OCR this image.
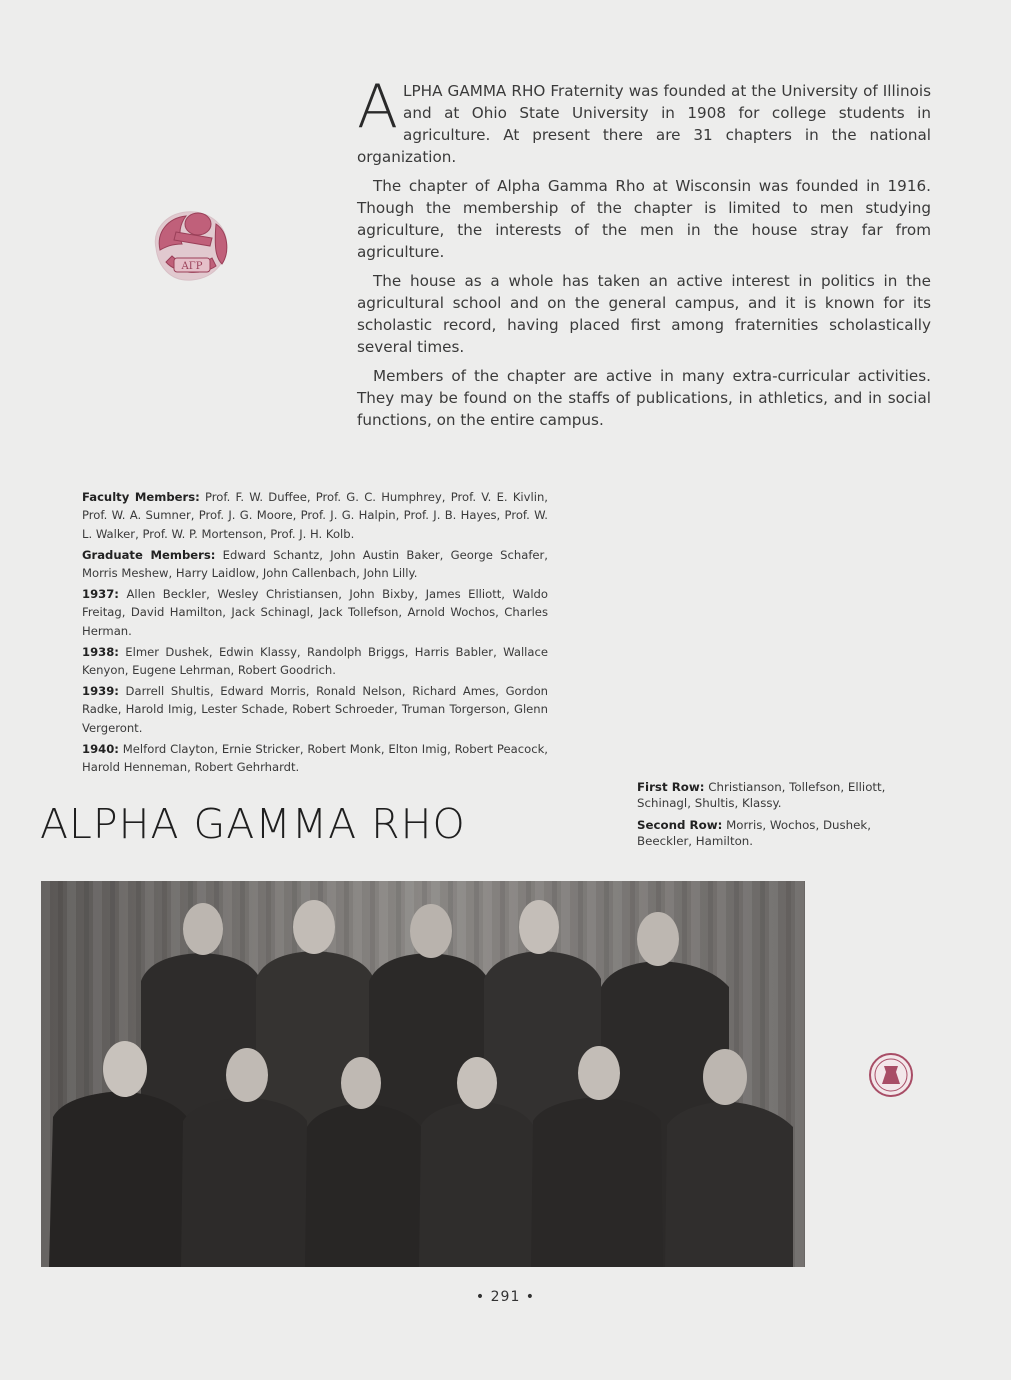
ALPHA GAMMA RHO Fraternity was founded at the University of Illinois and at Ohio State University in 1908 for college students in agriculture. At present there are 31 chapters in the national organization.

The chapter of Alpha Gamma Rho at Wisconsin was founded in 1916. Though the membership of the chapter is limited to men studying agriculture, the interests of the men in the house stray far from agriculture.

The house as a whole has taken an active interest in politics in the agricultural school and on the general campus, and it is known for its scholastic record, having placed first among fraternities scholastically several times.

Members of the chapter are active in many extra-curricular activities. They may be found on the staffs of publications, in athletics, and in social functions, on the entire campus.

ΑΓΡ

Faculty Members: Prof. F. W. Duffee, Prof. G. C. Humphrey, Prof. V. E. Kivlin, Prof. W. A. Sumner, Prof. J. G. Moore, Prof. J. G. Halpin, Prof. J. B. Hayes, Prof. W. L. Walker, Prof. W. P. Mortenson, Prof. J. H. Kolb.

Graduate Members: Edward Schantz, John Austin Baker, George Schafer, Morris Meshew, Harry Laidlow, John Callenbach, John Lilly.

1937: Allen Beckler, Wesley Christiansen, John Bixby, James Elliott, Waldo Freitag, David Hamilton, Jack Schinagl, Jack Tollefson, Arnold Wochos, Charles Herman.

1938: Elmer Dushek, Edwin Klassy, Randolph Briggs, Harris Babler, Wallace Kenyon, Eugene Lehrman, Robert Goodrich.

1939: Darrell Shultis, Edward Morris, Ronald Nelson, Richard Ames, Gordon Radke, Harold Imig, Lester Schade, Robert Schroeder, Truman Torgerson, Glenn Vergeront.

1940: Melford Clayton, Ernie Stricker, Robert Monk, Elton Imig, Robert Peacock, Harold Henneman, Robert Gehrhardt.

ALPHA GAMMA RHO

First Row: Christianson, Tollefson, Elliott, Schinagl, Shultis, Klassy.

Second Row: Morris, Wochos, Dushek, Beeckler, Hamilton.

• 291 •
